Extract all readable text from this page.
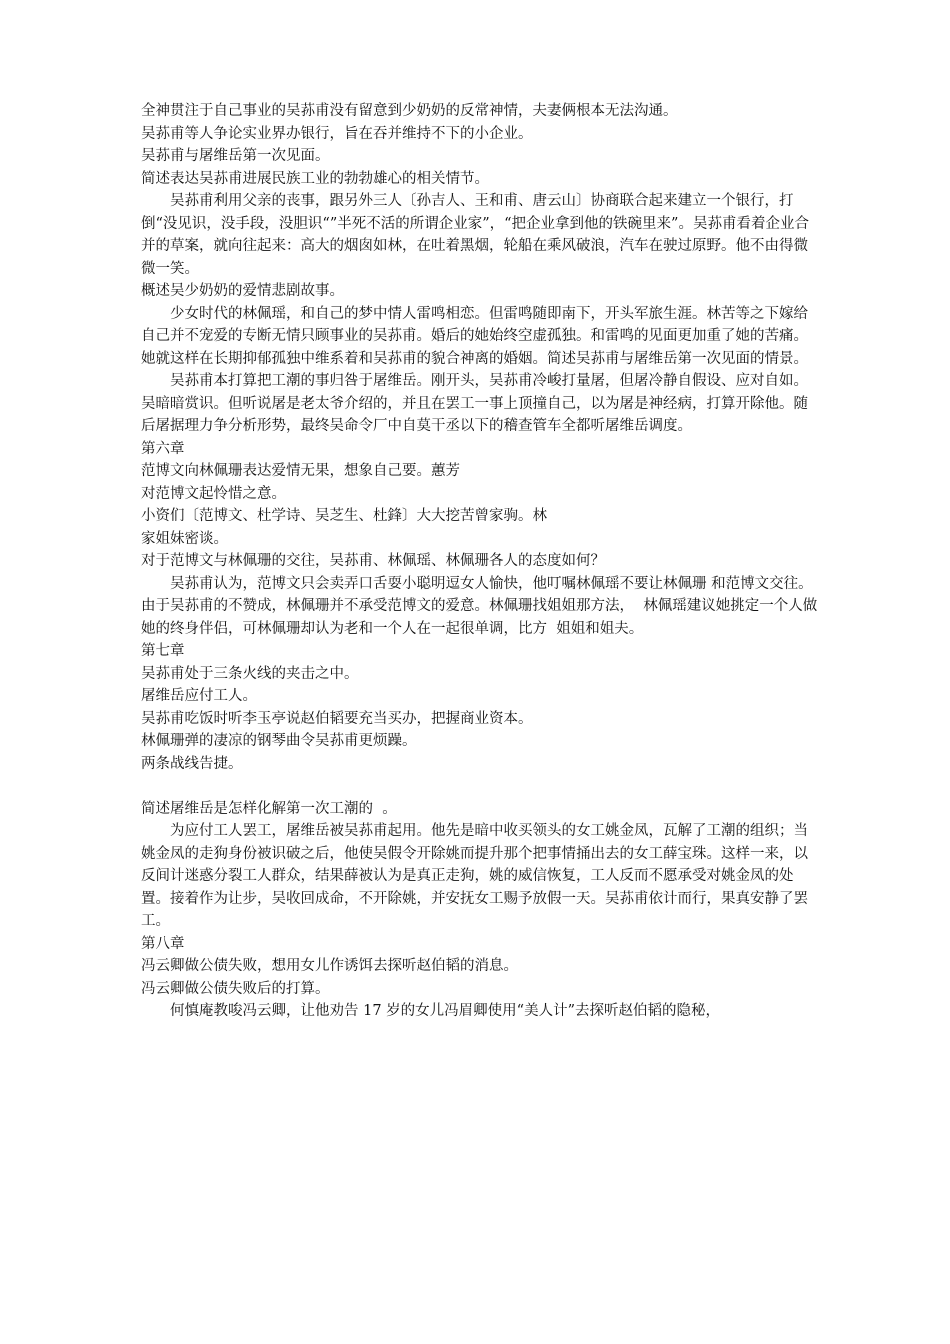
全神贯注于自己事业的吴荪甫没有留意到少奶奶的反常神情，夫妻俩根本无法沟通。

吴荪甫等人争论实业界办银行，旨在吞并维持不下的小企业。

吴荪甫与屠维岳第一次见面。

简述表达吴荪甫进展民族工业的勃勃雄心的相关情节。

吴荪甫利用父亲的丧事，跟另外三人〔孙吉人、王和甫、唐云山〕协商联合起来建立一个银行，打倒“没见识，没手段，没胆识“”半死不活的所谓企业家”，“把企业拿到他的铁碗里来”。吴荪甫看着企业合并的草案，就向往起来：高大的烟囱如林，在吐着黑烟，轮船在乘风破浪，汽车在驶过原野。他不由得微微一笑。

概述吴少奶奶的爱情悲剧故事。

少女时代的林佩瑶，和自己的梦中情人雷鸣相恋。但雷鸣随即南下，开头军旅生涯。林苦等之下嫁给自己并不宠爱的专断无情只顾事业的吴荪甫。婚后的她始终空虚孤独。和雷鸣的见面更加重了她的苦痛。她就这样在长期抑郁孤独中维系着和吴荪甫的貌合神离的婚姻。简述吴荪甫与屠维岳第一次见面的情景。

吴荪甫本打算把工潮的事归咎于屠维岳。刚开头，吴荪甫冷峻打量屠，但屠冷静自假设、应对自如。吴暗暗赏识。但听说屠是老太爷介绍的，并且在罢工一事上顶撞自己，以为屠是神经病，打算开除他。随后屠据理力争分析形势，最终吴命令厂中自莫干丞以下的稽查管车全都听屠维岳调度。

第六章

范博文向林佩珊表达爱情无果，想象自己要。蕙芳

对范博文起怜惜之意。

小资们〔范博文、杜学诗、吴芝生、杜鋒〕大大挖苦曾家驹。林

家姐妹密谈。

对于范博文与林佩珊的交往，吴荪甫、林佩瑶、林佩珊各人的态度如何？

吴荪甫认为，范博文只会卖弄口舌耍小聪明逗女人愉快，他叮嘱林佩瑶不要让林佩珊 和范博文交往。由于吴荪甫的不赞成，林佩珊并不承受范博文的爱意。林佩珊找姐姐那方法，  林佩瑶建议她挑定一个人做她的终身伴侣，可林佩珊却认为老和一个人在一起很单调，比方  姐姐和姐夫。

第七章

吴荪甫处于三条火线的夹击之中。

屠维岳应付工人。

吴荪甫吃饭时听李玉亭说赵伯韬要充当买办，把握商业资本。

林佩珊弹的凄凉的钢琴曲令吴荪甫更烦躁。

两条战线告捷。

简述屠维岳是怎样化解第一次工潮的  。

为应付工人罢工，屠维岳被吴荪甫起用。他先是暗中收买领头的女工姚金凤，瓦解了工潮的组织；当姚金凤的走狗身份被识破之后，他使吴假令开除姚而提升那个把事情捅出去的女工薛宝珠。这样一来，以反间计迷惑分裂工人群众，结果薛被认为是真正走狗，姚的威信恢复，工人反而不愿承受对姚金凤的处置。接着作为让步，吴收回成命，不开除姚，并安抚女工赐予放假一天。吴荪甫依计而行，果真安静了罢工。

第八章

冯云卿做公债失败，想用女儿作诱饵去探听赵伯韬的消息。

冯云卿做公债失败后的打算。

何慎庵教唆冯云卿，让他劝告 17 岁的女儿冯眉卿使用“美人计”去探听赵伯韬的隐秘，
